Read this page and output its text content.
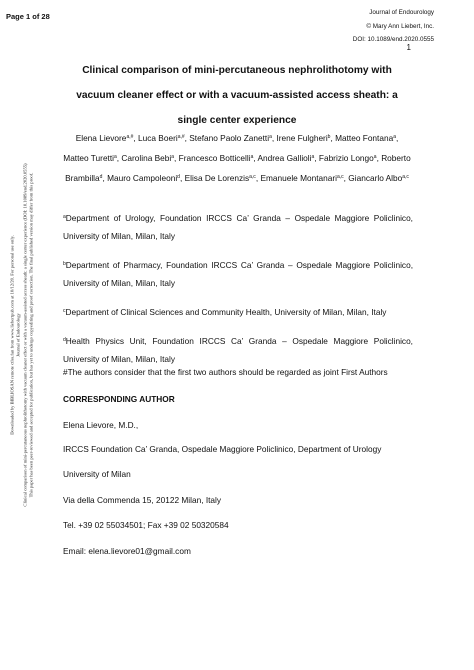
Page 1 of 28	Journal of Endourology
© Mary Ann Liebert, Inc.
DOI: 10.1089/end.2020.0555
1
Downloaded by BIBLIOSAN remote ctlss.fan from www.liebertpub.com at 10/12/20. For personal use only. Journal of Endourology Clinical comparison of mini-percutaneous nephrolithotomy with vacuum cleaner effect or with a vacuum-assisted access sheath: a single center experience (DOI: 10.1089/end.2020.0555) This paper has been peer-reviewed and accepted for publication, but has yet to undergo copyediting and proof correction. The final published version may differ from this proof.
Clinical comparison of mini-percutaneous nephrolithotomy with vacuum cleaner effect or with a vacuum-assisted access sheath: a single center experience
Elena Lievore$^{a,\#}$, Luca Boeri$^{a,\#}$, Stefano Paolo Zanetti$^a$, Irene Fulgheri$^b$, Matteo Fontana$^a$, Matteo Turetti$^a$, Carolina Bebi$^a$, Francesco Botticelli$^a$, Andrea Gallioli$^a$, Fabrizio Longo$^a$, Roberto Brambilla$^d$, Mauro Campoleoni$^d$, Elisa De Lorenzis$^{a,c}$, Emanuele Montanari$^{a,c}$, Giancarlo Albo$^{a,c}$

$^a$Department of Urology, Foundation IRCCS Ca’ Granda – Ospedale Maggiore Policlinico, University of Milan, Milan, Italy

$^b$Department of Pharmacy, Foundation IRCCS Ca’ Granda – Ospedale Maggiore Policlinico, University of Milan, Milan, Italy

$^c$Department of Clinical Sciences and Community Health, University of Milan, Milan, Italy

$^d$Health Physics Unit, Foundation IRCCS Ca’ Granda – Ospedale Maggiore Policlinico, University of Milan, Milan, Italy

#The authors consider that the first two authors should be regarded as joint First Authors
CORRESPONDING AUTHOR
Elena Lievore, M.D.,
IRCCS Foundation Ca’ Granda, Ospedale Maggiore Policlinico, Department of Urology
University of Milan
Via della Commenda 15, 20122 Milan, Italy
Tel. +39 02 55034501; Fax +39 02 50320584
Email: elena.lievore01@gmail.com
